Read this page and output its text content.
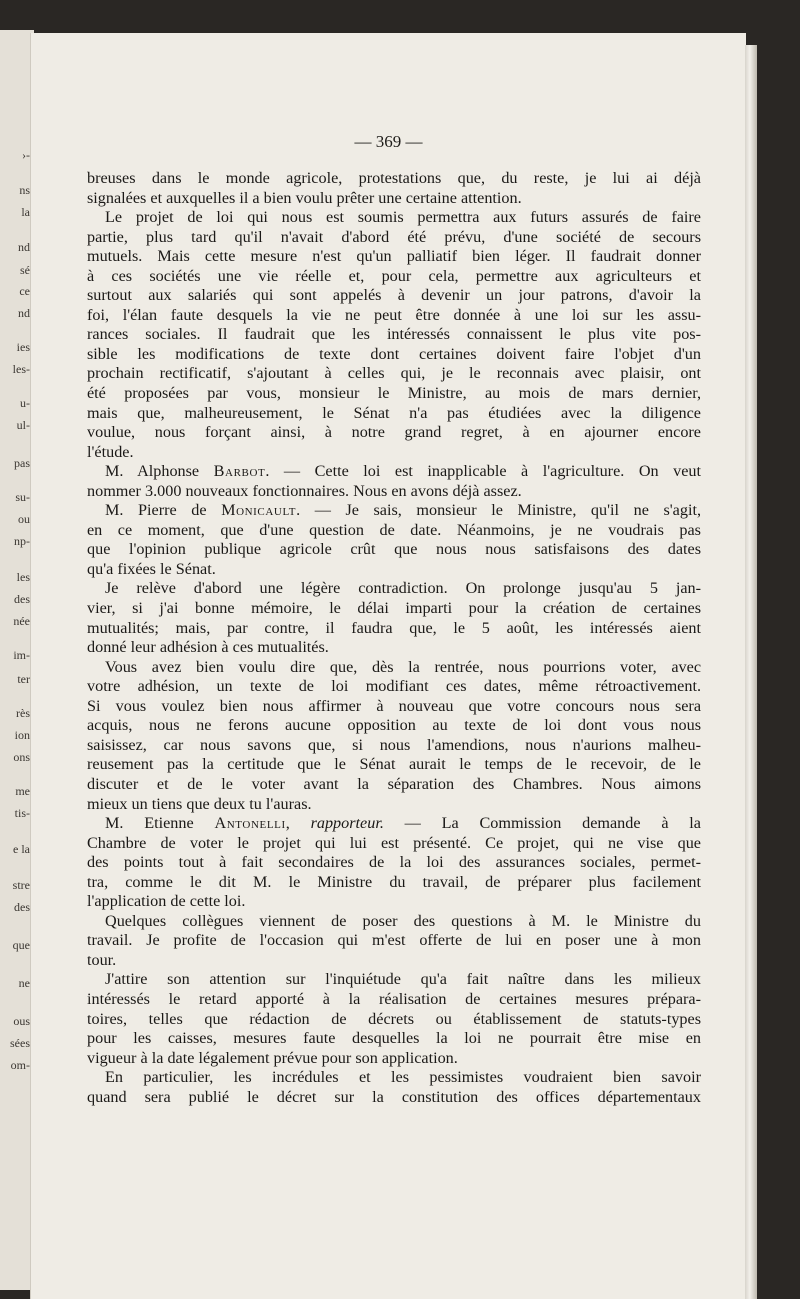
›-
ns
la
nd
sé
ce
nd
ies
les-
u-
ul-
pas
su-
ou
np-
les
des
née
im-
ter
rès
ion
ons
me
tis-
e la
stre
des
que
ne
ous
sées
om-
— 369 —
breuses dans le monde agricole, protestations que, du reste, je lui ai déjà
signalées et auxquelles il a bien voulu prêter une certaine attention.
Le projet de loi qui nous est soumis permettra aux futurs assurés de faire
partie, plus tard qu'il n'avait d'abord été prévu, d'une société de secours
mutuels. Mais cette mesure n'est qu'un palliatif bien léger. Il faudrait donner
à ces sociétés une vie réelle et, pour cela, permettre aux agriculteurs et
surtout aux salariés qui sont appelés à devenir un jour patrons, d'avoir la
foi, l'élan faute desquels la vie ne peut être donnée à une loi sur les assu-
rances sociales. Il faudrait que les intéressés connaissent le plus vite pos-
sible les modifications de texte dont certaines doivent faire l'objet d'un
prochain rectificatif, s'ajoutant à celles qui, je le reconnais avec plaisir, ont
été proposées par vous, monsieur le Ministre, au mois de mars dernier,
mais que, malheureusement, le Sénat n'a pas étudiées avec la diligence
voulue, nous forçant ainsi, à notre grand regret, à en ajourner encore
l'étude.
M. Alphonse Barbot. — Cette loi est inapplicable à l'agriculture. On veut
nommer 3.000 nouveaux fonctionnaires. Nous en avons déjà assez.
M. Pierre de Monicault. — Je sais, monsieur le Ministre, qu'il ne s'agit,
en ce moment, que d'une question de date. Néanmoins, je ne voudrais pas
que l'opinion publique agricole crût que nous nous satisfaisons des dates
qu'a fixées le Sénat.
Je relève d'abord une légère contradiction. On prolonge jusqu'au 5 jan-
vier, si j'ai bonne mémoire, le délai imparti pour la création de certaines
mutualités; mais, par contre, il faudra que, le 5 août, les intéressés aient
donné leur adhésion à ces mutualités.
Vous avez bien voulu dire que, dès la rentrée, nous pourrions voter, avec
votre adhésion, un texte de loi modifiant ces dates, même rétroactivement.
Si vous voulez bien nous affirmer à nouveau que votre concours nous sera
acquis, nous ne ferons aucune opposition au texte de loi dont vous nous
saisissez, car nous savons que, si nous l'amendions, nous n'aurions malheu-
reusement pas la certitude que le Sénat aurait le temps de le recevoir, de le
discuter et de le voter avant la séparation des Chambres. Nous aimons
mieux un tiens que deux tu l'auras.
M. Etienne Antonelli, rapporteur. — La Commission demande à la
Chambre de voter le projet qui lui est présenté. Ce projet, qui ne vise que
des points tout à fait secondaires de la loi des assurances sociales, permet-
tra, comme le dit M. le Ministre du travail, de préparer plus facilement
l'application de cette loi.
Quelques collègues viennent de poser des questions à M. le Ministre du
travail. Je profite de l'occasion qui m'est offerte de lui en poser une à mon
tour.
J'attire son attention sur l'inquiétude qu'a fait naître dans les milieux
intéressés le retard apporté à la réalisation de certaines mesures prépara-
toires, telles que rédaction de décrets ou établissement de statuts-types
pour les caisses, mesures faute desquelles la loi ne pourrait être mise en
vigueur à la date légalement prévue pour son application.
En particulier, les incrédules et les pessimistes voudraient bien savoir
quand sera publié le décret sur la constitution des offices départementaux
